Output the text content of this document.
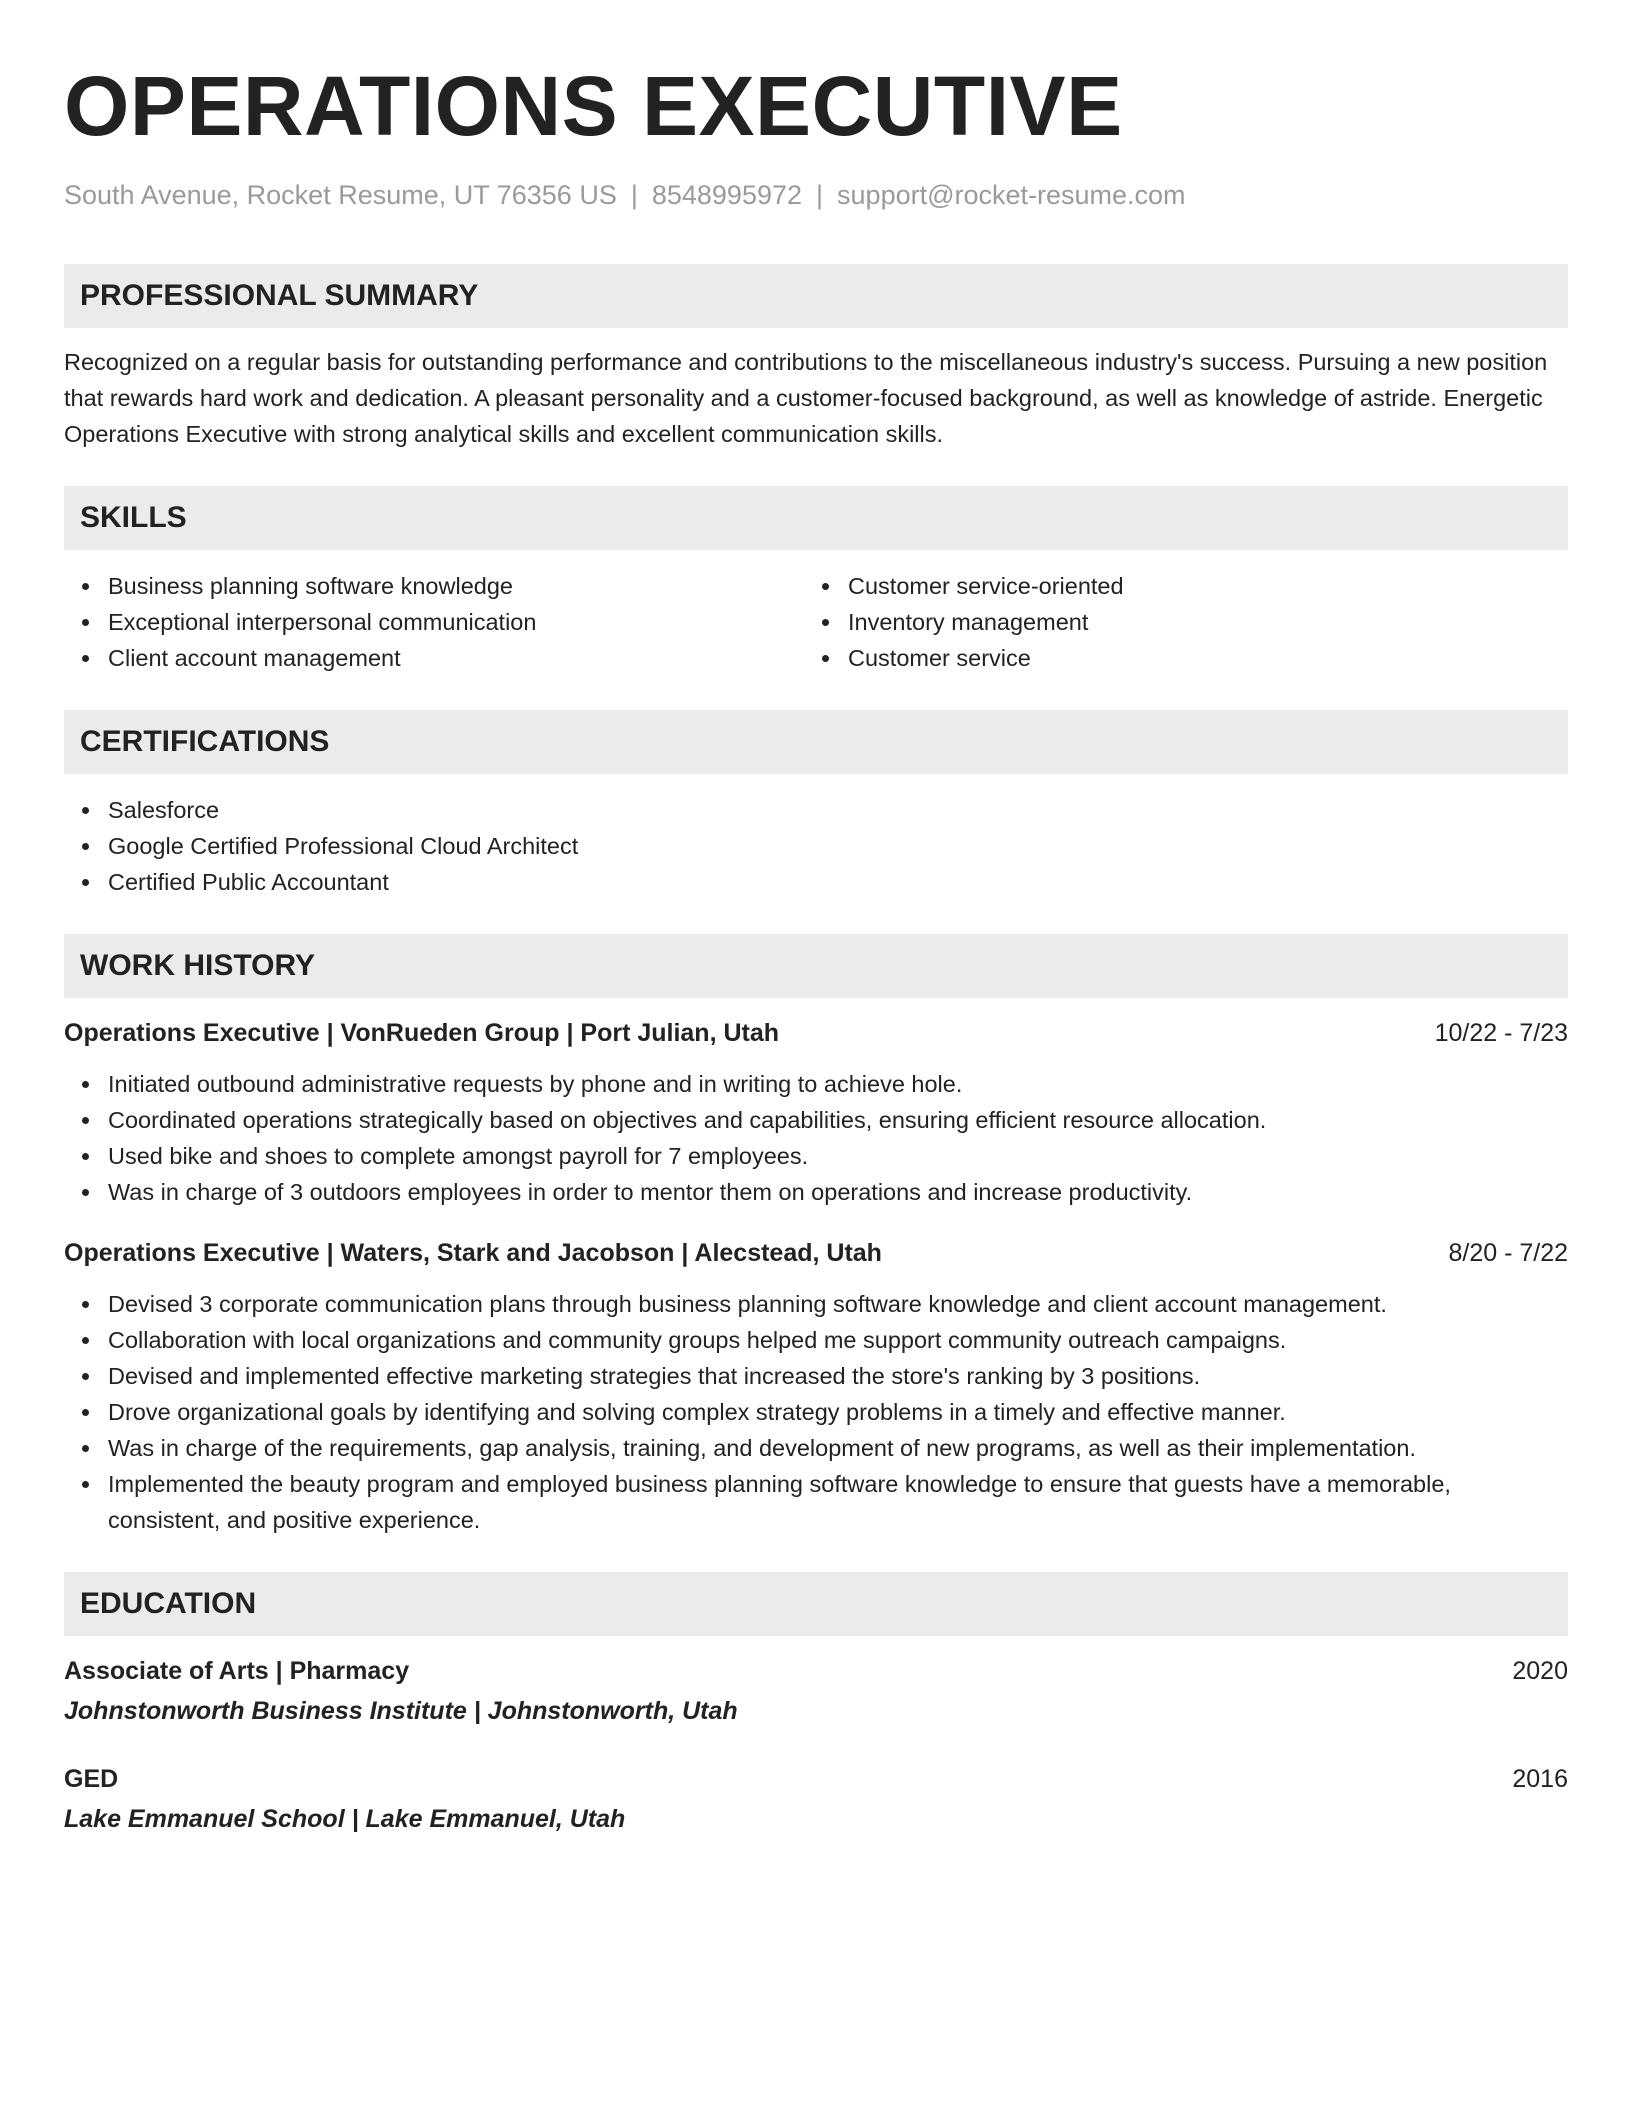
OPERATIONS EXECUTIVE
South Avenue, Rocket Resume, UT 76356 US | 8548995972 | support@rocket-resume.com
PROFESSIONAL SUMMARY

Recognized on a regular basis for outstanding performance and contributions to the miscellaneous industry's success. Pursuing a new position that rewards hard work and dedication. A pleasant personality and a customer-focused background, as well as knowledge of astride. Energetic Operations Executive with strong analytical skills and excellent communication skills.

SKILLS
Business planning software knowledge
Exceptional interpersonal communication
Client account management
Customer service-oriented
Inventory management
Customer service
CERTIFICATIONS
Salesforce
Google Certified Professional Cloud Architect
Certified Public Accountant
WORK HISTORY
Operations Executive | VonRueden Group | Port Julian, Utah	10/22 - 7/23
Initiated outbound administrative requests by phone and in writing to achieve hole.
Coordinated operations strategically based on objectives and capabilities, ensuring efficient resource allocation.
Used bike and shoes to complete amongst payroll for 7 employees.
Was in charge of 3 outdoors employees in order to mentor them on operations and increase productivity.
Operations Executive | Waters, Stark and Jacobson | Alecstead, Utah	8/20 - 7/22
Devised 3 corporate communication plans through business planning software knowledge and client account management.
Collaboration with local organizations and community groups helped me support community outreach campaigns.
Devised and implemented effective marketing strategies that increased the store's ranking by 3 positions.
Drove organizational goals by identifying and solving complex strategy problems in a timely and effective manner.
Was in charge of the requirements, gap analysis, training, and development of new programs, as well as their implementation.
Implemented the beauty program and employed business planning software knowledge to ensure that guests have a memorable, consistent, and positive experience.
EDUCATION
Associate of Arts | Pharmacy	2020
Johnstonworth Business Institute | Johnstonworth, Utah
GED	2016
Lake Emmanuel School | Lake Emmanuel, Utah
